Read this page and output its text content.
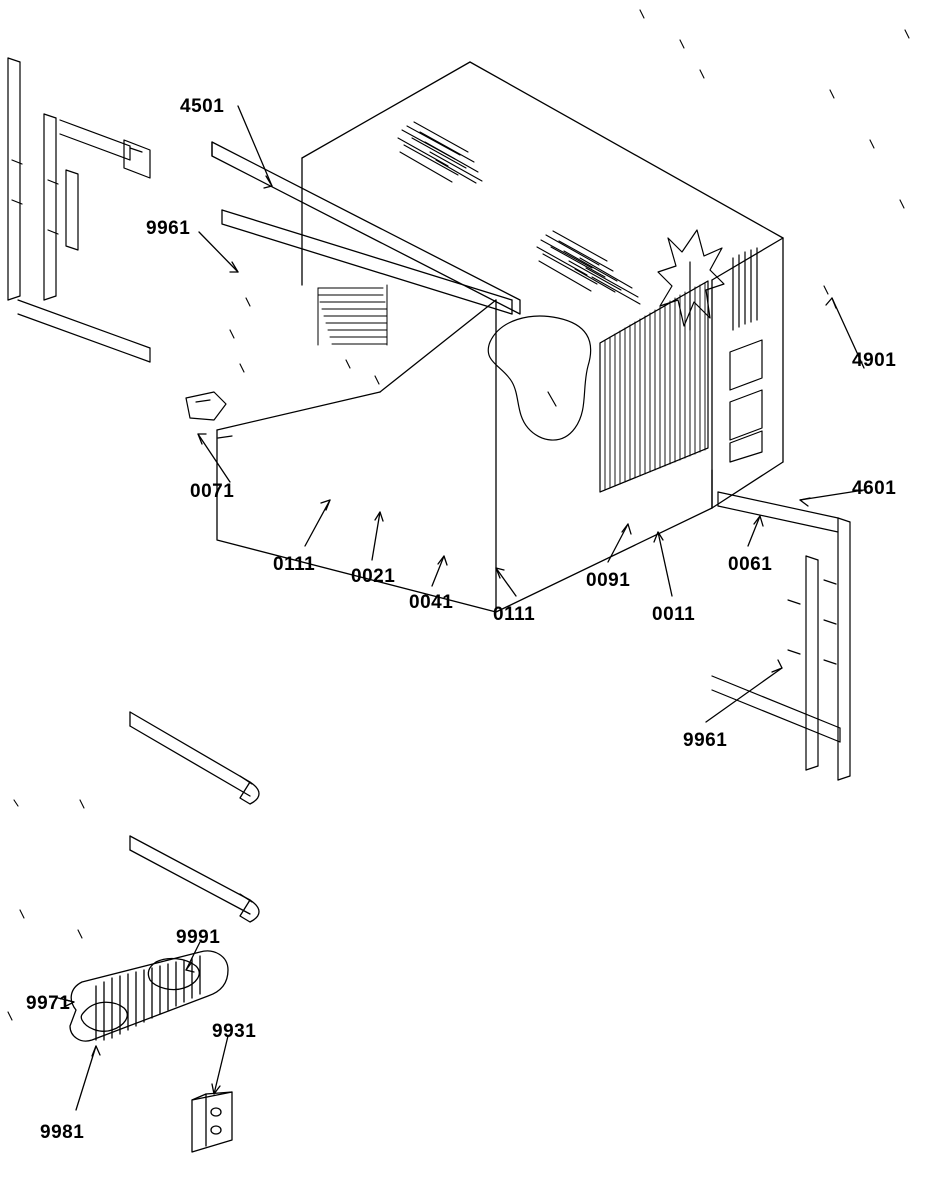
4501
9961
4901
4601
0071
0111
0021
0041
0111
0091
0011
0061
9961
9991
9971
9931
9981
